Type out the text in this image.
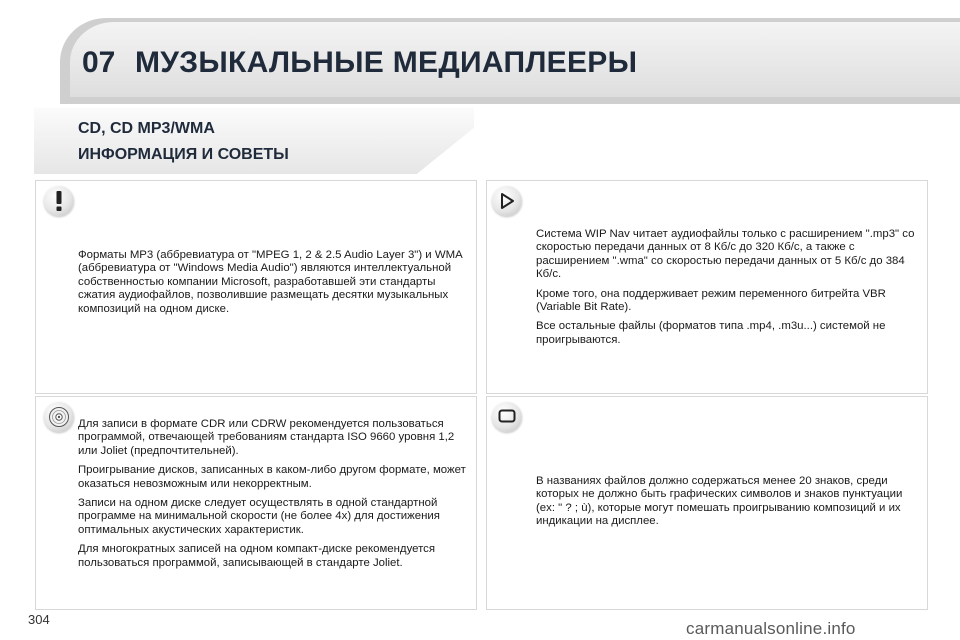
07 МУЗЫКАЛЬНЫЕ МЕДИАПЛЕЕРЫ
CD, CD MP3/WMA
ИНФОРМАЦИЯ И СОВЕТЫ

Форматы MP3 (аббревиатура от "MPEG 1, 2 & 2.5 Audio Layer 3") и WMA (аббревиатура от "Windows Media Audio") являются интеллектуальной собственностью компании Microsoft, разработавшей эти стандарты сжатия аудиофайлов, позволившие размещать десятки музыкальных композиций на одном диске.

Система WIP Nav читает аудиофайлы только с расширением ".mp3" со скоростью передачи данных от 8 Кб/с до 320 Кб/с, а также с расширением ".wma" со скоростью передачи данных от 5 Кб/с до 384 Кб/с.

Кроме того, она поддерживает режим переменного битрейта VBR (Variable Bit Rate).

Все остальные файлы (форматов типа .mp4, .m3u...) системой не проигрываются.

Для записи в формате CDR или CDRW рекомендуется пользоваться программой, отвечающей требованиям стандарта ISO 9660 уровня 1,2 или Joliet (предпочтительней).

Проигрывание дисков, записанных в каком-либо другом формате, может оказаться невозможным или некорректным.

Записи на одном диске следует осуществлять в одной стандартной программе на минимальной скорости (не более 4x) для достижения оптимальных акустических характеристик.

Для многократных записей на одном компакт-диске рекомендуется пользоваться программой, записывающей в стандарте Joliet.

В названиях файлов должно содержаться менее 20 знаков, среди которых не должно быть графических символов и знаков пунктуации (ex: " ? ; ù), которые могут помешать проигрыванию композиций и их индикации на дисплее.

304	carmanualsonline.info
